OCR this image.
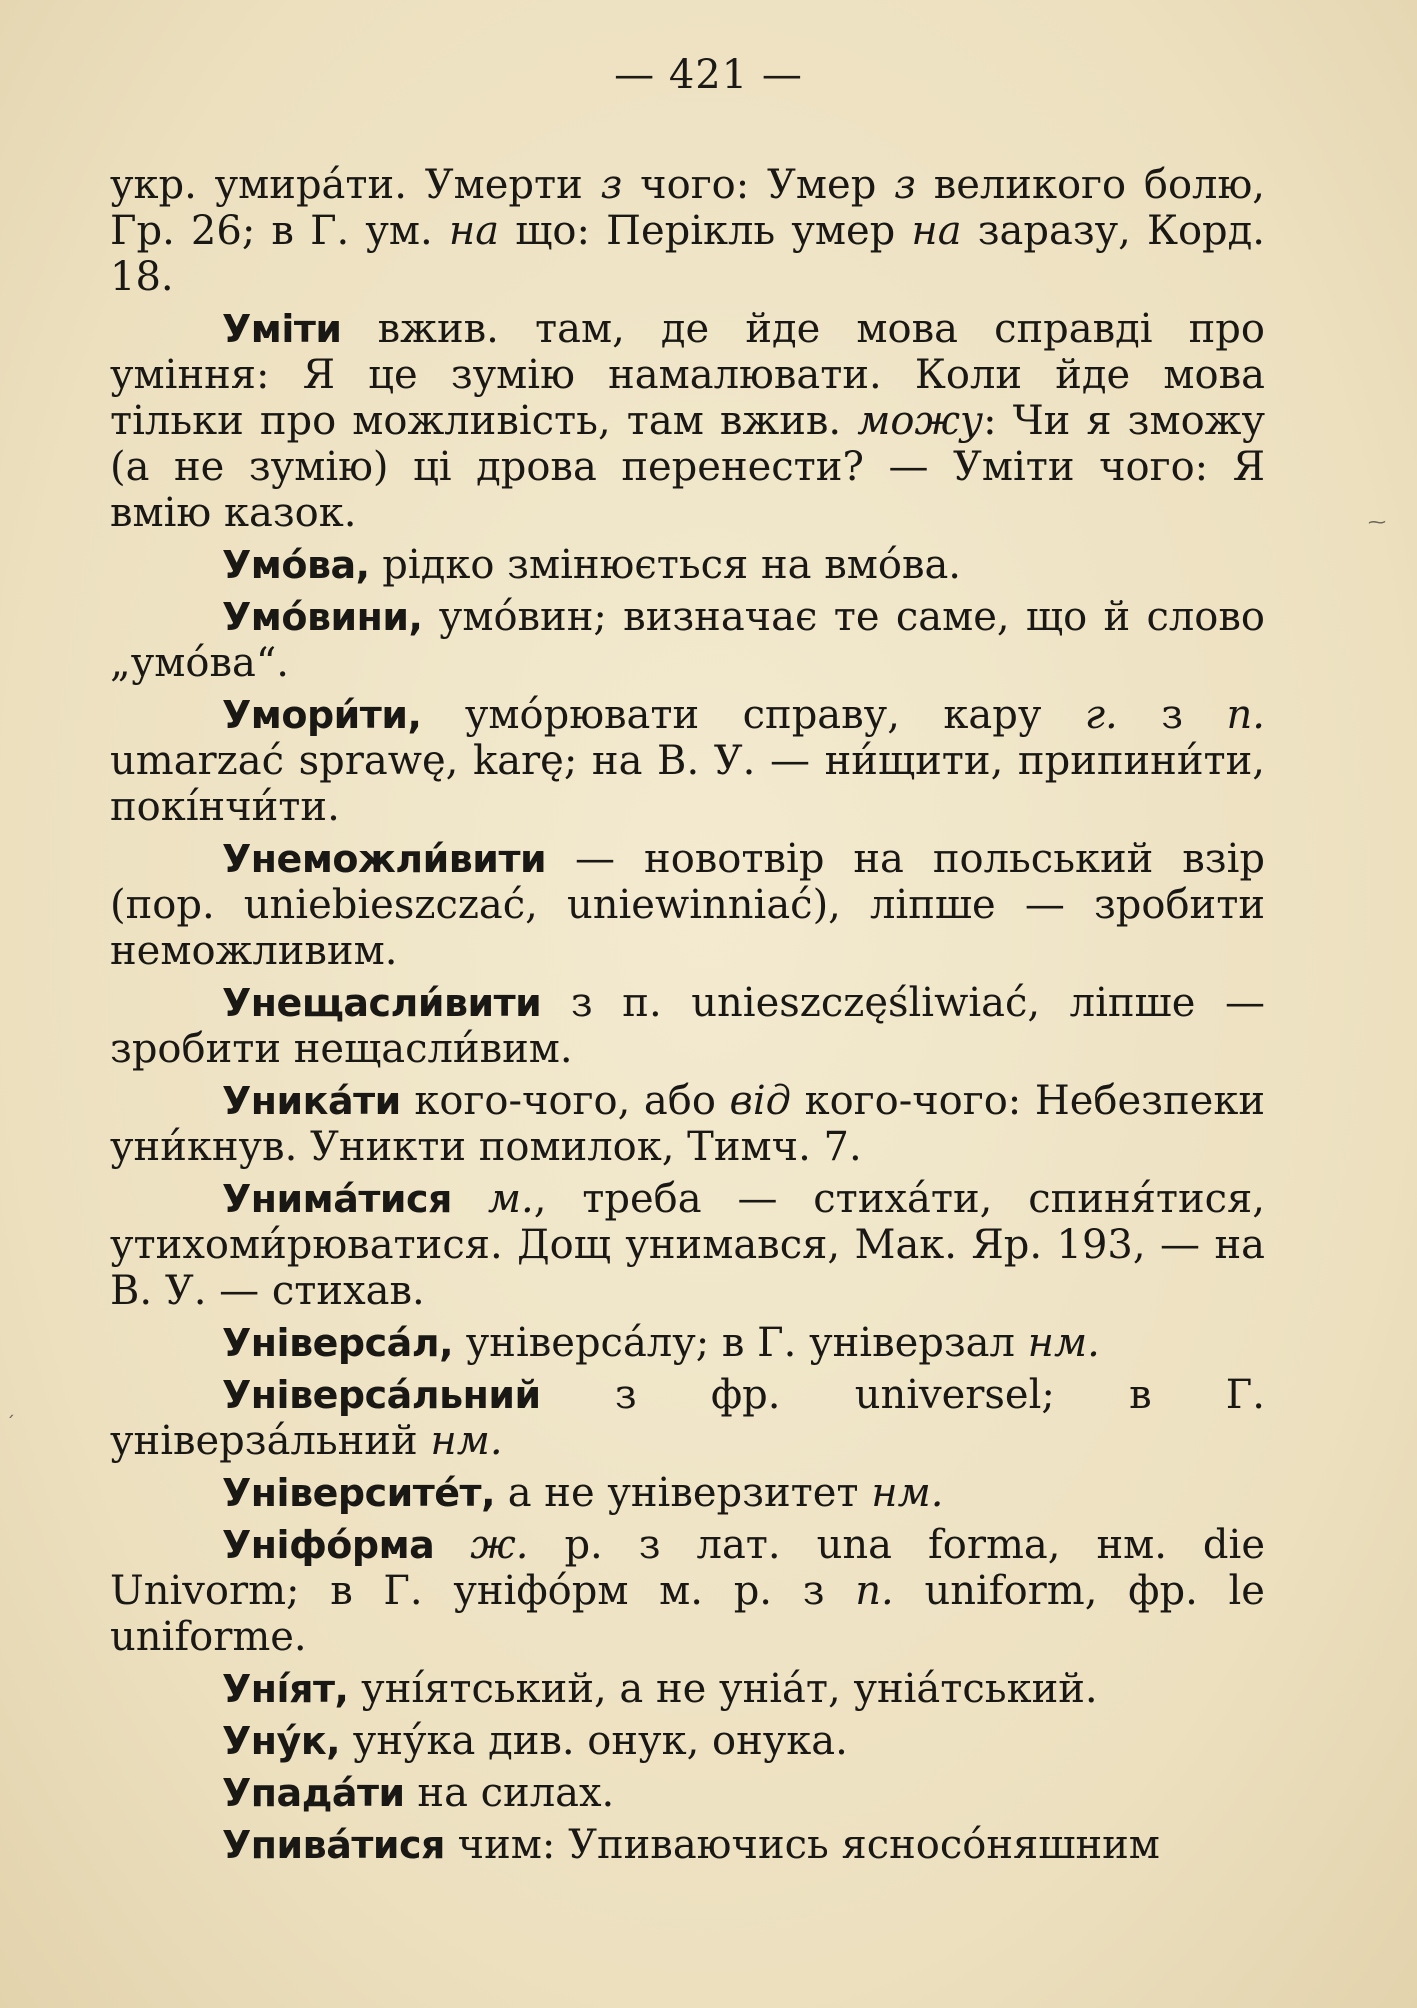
— 421 —
⁓
ˏ

укр. умира́ти. Умерти з чого: Умер з великого болю, Гр. 26; в Г. ум. на що: Перікль умер на заразу, Корд. 18.

Уміти вжив. там, де йде мова справді про уміння: Я це зумію намалювати. Коли йде мова тільки про можливість, там вжив. можу: Чи я зможу (а не зумію) ці дрова перенести? — Уміти чого: Я вмію казок.

Умо́ва, рідко змінюється на вмо́ва.

Умо́вини, умо́вин; визначає те саме, що й слово „умо́ва“.

Умори́ти, умо́рювати справу, кару г. з п. umarzać sprawę, karę; на В. У. — ни́щити, припини́ти, покі́нчи́ти.

Унеможли́вити — новотвір на польський взір (пор. uniebieszczać, uniewinniać), ліпше — зробити неможливим.

Унещасли́вити з п. unieszczęśliwiać, ліпше — зробити нещасли́вим.

Уника́ти кого-чого, або від кого-чого: Небезпеки уни́кнув. Уникти помилок, Тимч. 7.

Унима́тися м., треба — стиха́ти, спиня́тися, утихоми́рюватися. Дощ унимався, Мак. Яр. 193, — на В. У. — стихав.

Універса́л, універса́лу; в Г. універзал нм.

Універса́льний з фр. universel; в Г. універза́льний нм.

Університе́т, а не універзитет нм.

Уніфо́рма ж. р. з лат. una forma, нм. die Univorm; в Г. уніфо́рм м. р. з п. uniform, фр. le uniforme.

Уні́ят, уні́ятський, а не уніа́т, уніа́тський.

Уну́к, уну́ка див. онук, онука.

Упада́ти на силах.

Упива́тися чим: Упиваючись ясносо́няшним
